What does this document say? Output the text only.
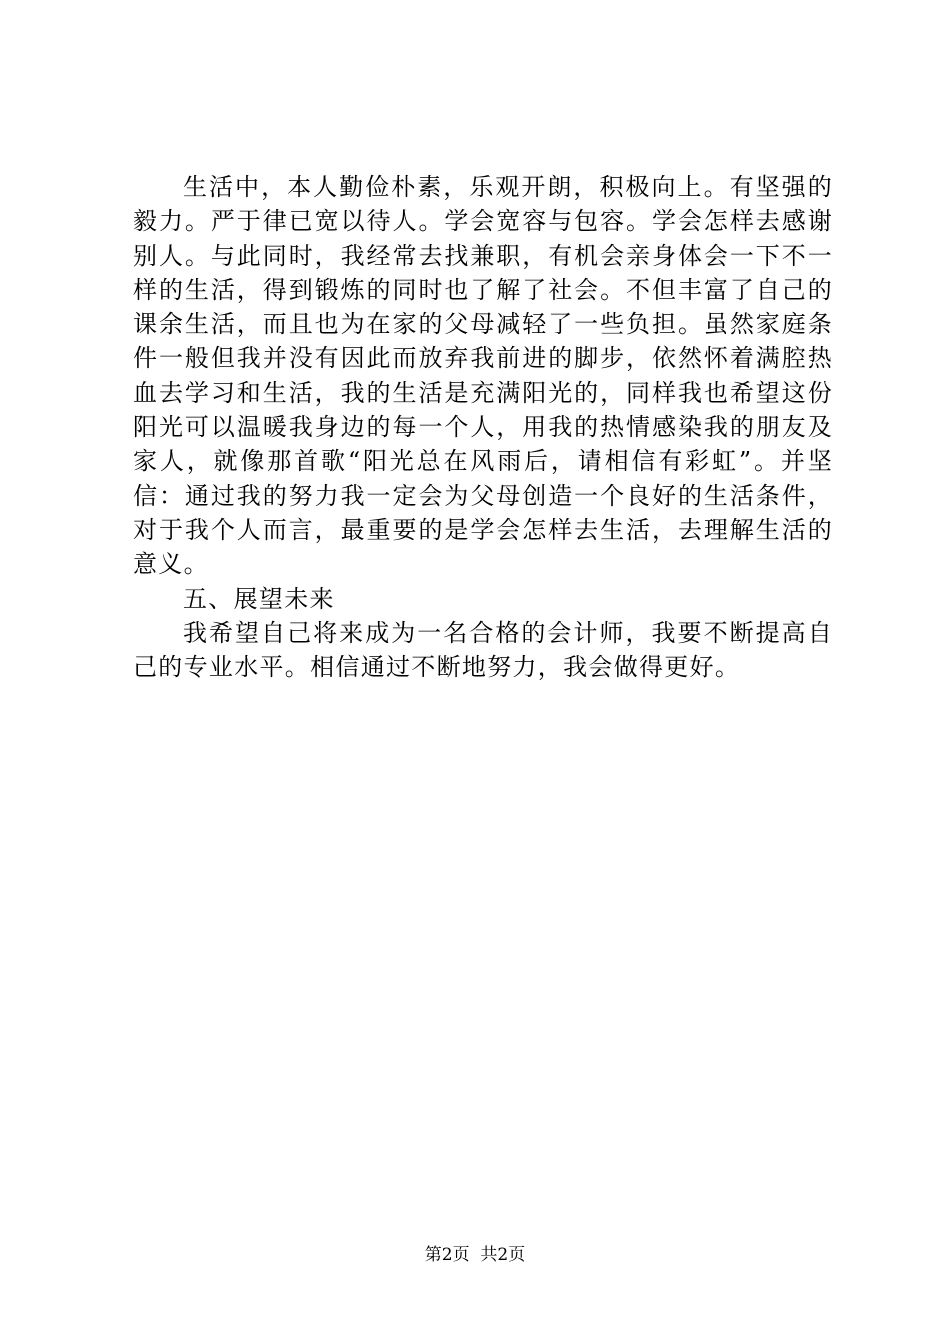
生活中，本人勤俭朴素，乐观开朗，积极向上。有坚强的毅力。严于律已宽以待人。学会宽容与包容。学会怎样去感谢别人。与此同时，我经常去找兼职，有机会亲身体会一下不一样的生活，得到锻炼的同时也了解了社会。不但丰富了自己的课余生活，而且也为在家的父母减轻了一些负担。虽然家庭条件一般但我并没有因此而放弃我前进的脚步，依然怀着满腔热血去学习和生活，我的生活是充满阳光的，同样我也希望这份阳光可以温暖我身边的每一个人，用我的热情感染我的朋友及家人，就像那首歌“阳光总在风雨后，请相信有彩虹”。并坚信：通过我的努力我一定会为父母创造一个良好的生活条件，对于我个人而言，最重要的是学会怎样去生活，去理解生活的意义。

五、展望未来

我希望自己将来成为一名合格的会计师，我要不断提高自己的专业水平。相信通过不断地努力，我会做得更好。

第2页 共2页
